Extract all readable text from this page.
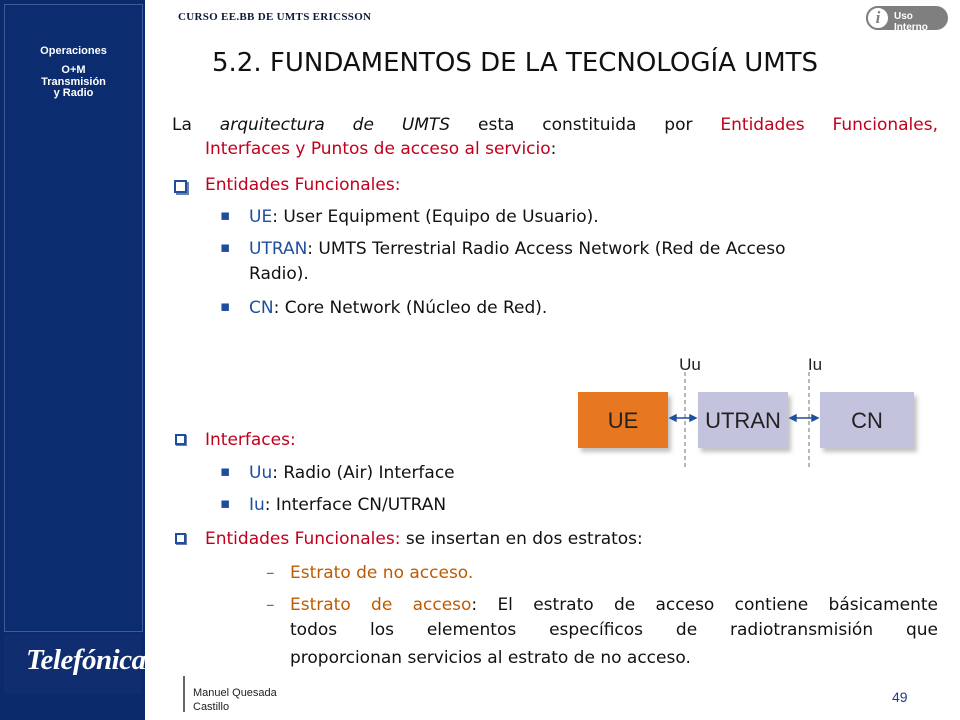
Operaciones
O+M
Transmisión
y Radio
Telefónica
CURSO EE.BB DE UMTS ERICSSON	i	Uso Interno
5.2. FUNDAMENTOS DE LA TECNOLOGÍA UMTS
La arquitectura de UMTS esta constituida por Entidades Funcionales,
Interfaces y Puntos de acceso al servicio:
Entidades Funcionales:
▪ UE: User Equipment (Equipo de Usuario).
▪ UTRAN: UMTS Terrestrial Radio Access Network (Red de Acceso
Radio).
▪ CN: Core Network (Núcleo de Red).
UE	UTRAN	CN
Uu	Iu
Interfaces:
▪ Uu: Radio (Air) Interface
▪ Iu: Interface CN/UTRAN
Entidades Funcionales: se insertan en dos estratos:
– Estrato de no acceso.
– Estrato de acceso: El estrato de acceso contiene básicamente
todos los elementos específicos de radiotransmisión que
proporcionan servicios al estrato de no acceso.
Manuel Quesada
Castillo
49
